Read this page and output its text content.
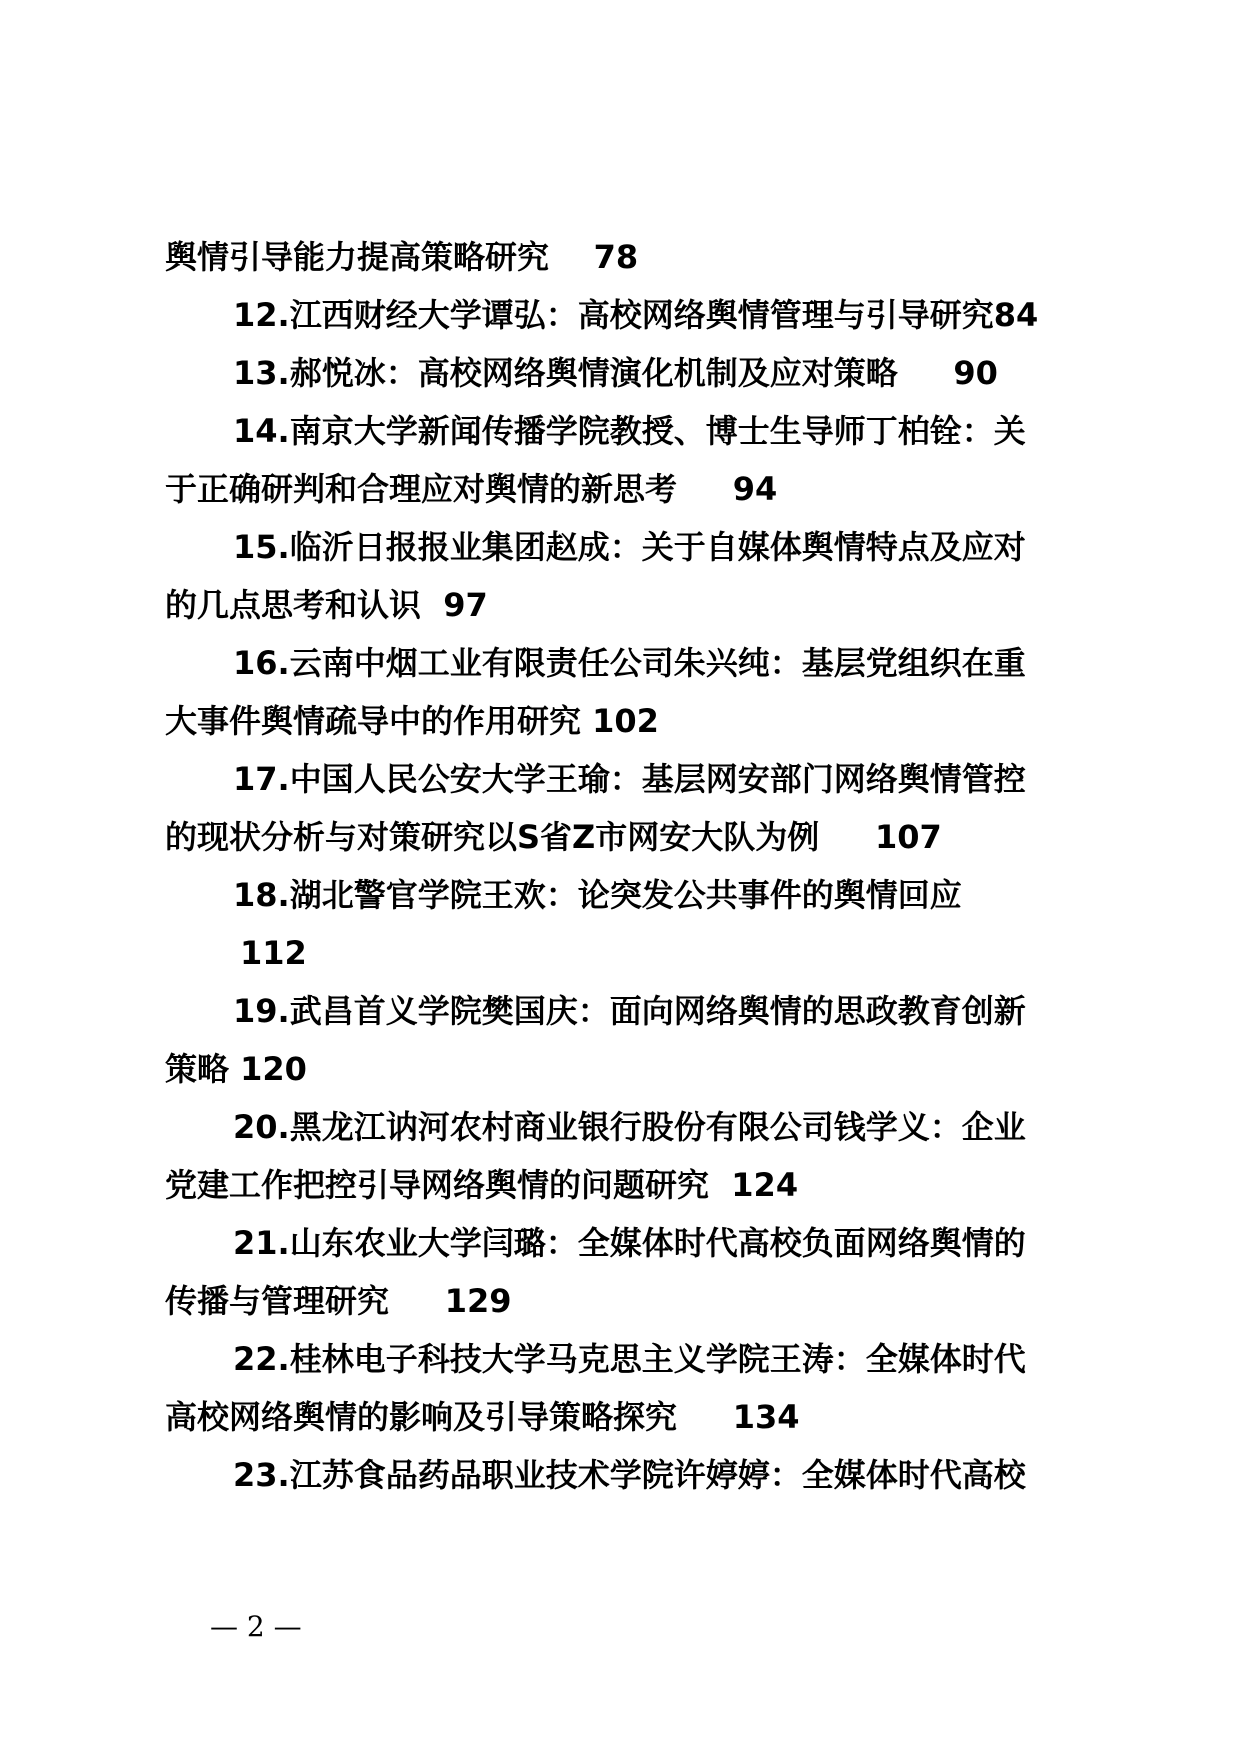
舆情引导能力提高策略研究    78
12.江西财经大学谭弘：高校网络舆情管理与引导研究84
13.郝悦冰：高校网络舆情演化机制及应对策略     90
14.南京大学新闻传播学院教授、博士生导师丁柏铨：关
于正确研判和合理应对舆情的新思考     94
15.临沂日报报业集团赵成：关于自媒体舆情特点及应对
的几点思考和认识  97
16.云南中烟工业有限责任公司朱兴纯：基层党组织在重
大事件舆情疏导中的作用研究 102
17.中国人民公安大学王瑜：基层网安部门网络舆情管控
的现状分析与对策研究以S省Z市网安大队为例     107
18.湖北警官学院王欢：论突发公共事件的舆情回应
112
19.武昌首义学院樊国庆：面向网络舆情的思政教育创新
策略 120
20.黑龙江讷河农村商业银行股份有限公司钱学义：企业
党建工作把控引导网络舆情的问题研究  124
21.山东农业大学闫璐：全媒体时代高校负面网络舆情的
传播与管理研究     129
22.桂林电子科技大学马克思主义学院王涛：全媒体时代
高校网络舆情的影响及引导策略探究     134
23.江苏食品药品职业技术学院许婷婷：全媒体时代高校
— 2 —
